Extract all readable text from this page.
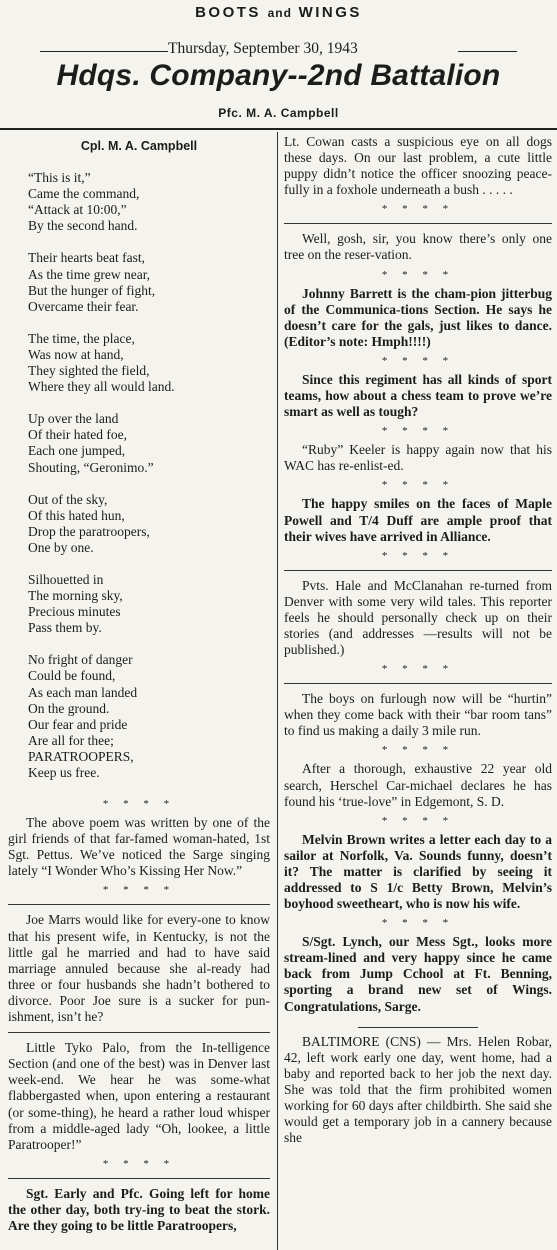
BOOTS and WINGS
Thursday, September 30, 1943
Hdqs. Company--2nd Battalion
Pfc. M. A. Campbell
Cpl. M. A. Campbell
“This is it,”
Came the command,
“Attack at 10:00,”
By the second hand.
Their hearts beat fast,
As the time grew near,
But the hunger of fight,
Overcame their fear.
The time, the place,
Was now at hand,
They sighted the field,
Where they all would land.
Up over the land
Of their hated foe,
Each one jumped,
Shouting, “Geronimo.”
Out of the sky,
Of this hated hun,
Drop the paratroopers,
One by one.
Silhouetted in
The morning sky,
Precious minutes
Pass them by.
No fright of danger
Could be found,
As each man landed
On the ground.
Our fear and pride
Are all for thee;
PARATROOPERS,
Keep us free.
* * * *
The above poem was written by one of the girl friends of that far-famed woman-hated, 1st Sgt. Pettus. We’ve noticed the Sarge singing lately “I Wonder Who’s Kissing Her Now.”
* * * *
Joe Marrs would like for every-one to know that his present wife, in Kentucky, is not the little gal he married and had to have said marriage annuled because she al-ready had three or four husbands she hadn’t bothered to divorce. Poor Joe sure is a sucker for pun-ishment, isn’t he?
Little Tyko Palo, from the In-telligence Section (and one of the best) was in Denver last week-end. We hear he was some-what flabbergasted when, upon entering a restaurant (or some-thing), he heard a rather loud whisper from a middle-aged lady “Oh, lookee, a little Paratrooper!”
* * * *
Sgt. Early and Pfc. Going left for home the other day, both try-ing to beat the stork. Are they going to be little Paratroopers,
Lt. Cowan casts a suspicious eye on all dogs these days. On our last problem, a cute little puppy didn’t notice the officer snoozing peace-fully in a foxhole underneath a bush . . . . .
* * * *
Well, gosh, sir, you know there’s only one tree on the reser-vation.
* * * *
Johnny Barrett is the cham-pion jitterbug of the Communica-tions Section. He says he doesn’t care for the gals, just likes to dance. (Editor’s note: Hmph!!!!)
* * * *
Since this regiment has all kinds of sport teams, how about a chess team to prove we’re smart as well as tough?
* * * *
“Ruby” Keeler is happy again now that his WAC has re-enlist-ed.
* * * *
The happy smiles on the faces of Maple Powell and T/4 Duff are ample proof that their wives have arrived in Alliance.
* * * *
Pvts. Hale and McClanahan re-turned from Denver with some very wild tales. This reporter feels he should personally check up on their stories (and addresses —results will not be published.)
* * * *
The boys on furlough now will be “hurtin” when they come back with their “bar room tans” to find us making a daily 3 mile run.
* * * *
After a thorough, exhaustive 22 year old search, Herschel Car-michael declares he has found his ‘true-love” in Edgemont, S. D.
* * * *
Melvin Brown writes a letter each day to a sailor at Norfolk, Va. Sounds funny, doesn’t it? The matter is clarified by seeing it addressed to S 1/c Betty Brown, Melvin’s boyhood sweetheart, who is now his wife.
* * * *
S/Sgt. Lynch, our Mess Sgt., looks more stream-lined and very happy since he came back from Jump Cchool at Ft. Benning, sporting a brand new set of Wings. Congratulations, Sarge.
BALTIMORE (CNS) — Mrs. Helen Robar, 42, left work early one day, went home, had a baby and reported back to her job the next day. She was told that the firm prohibited women working for 60 days after childbirth. She said she would get a temporary job in a cannery because she
